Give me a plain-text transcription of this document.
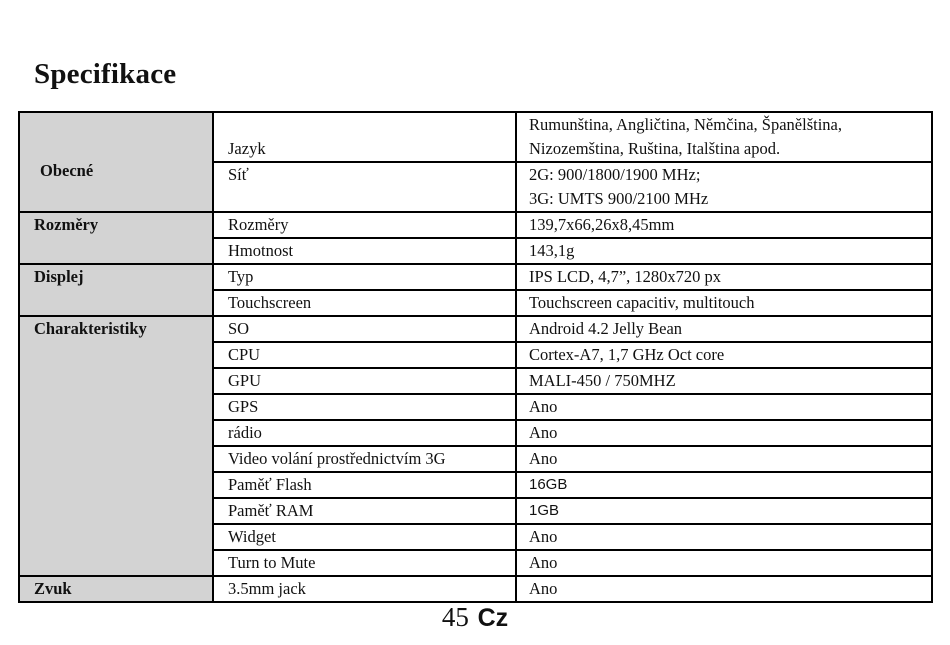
Specifikace
Obecné	Jazyk	Rumunština, Angličtina, Němčina, Španělština,
Nizozemština, Ruština, Italština apod.

	Síť	2G: 900/1800/1900 MHz;
3G: UMTS 900/2100 MHz

Rozměry	Rozměry	139,7x66,26x8,45mm
	Hmotnost	143,1g
Displej	Typ	IPS LCD, 4,7”, 1280x720 px
	Touchscreen	Touchscreen capacitiv, multitouch
Charakteristiky	SO	Android 4.2 Jelly Bean
	CPU	Cortex-A7, 1,7 GHz Oct core
	GPU	MALI-450 / 750MHZ
	GPS	Ano
	rádio	Ano
	Video volání prostřednictvím 3G	Ano
	Paměť Flash	16GB
	Paměť RAM	1GB
	Widget	Ano
	Turn to Mute	Ano
Zvuk	3.5mm jack	Ano
45 Cz
